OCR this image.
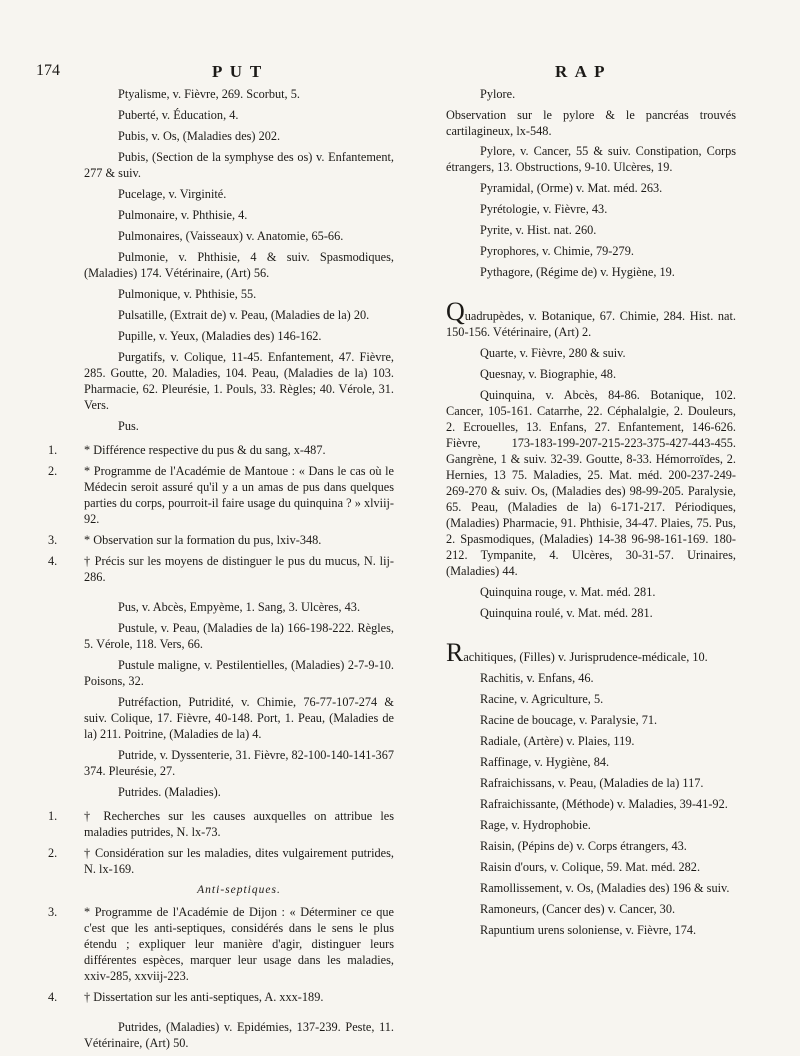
174	P U T	R A P

Ptyalisme, v. Fièvre, 269. Scorbut, 5.

Puberté, v. Éducation, 4.

Pubis, v. Os, (Maladies des) 202.

Pubis, (Section de la symphyse des os) v. Enfantement, 277 & suiv.

Pucelage, v. Virginité.

Pulmonaire, v. Phthisie, 4.

Pulmonaires, (Vaisseaux) v. Anatomie, 65-66.

Pulmonie, v. Phthisie, 4 & suiv. Spasmodiques, (Maladies) 174. Vétérinaire, (Art) 56.

Pulmonique, v. Phthisie, 55.

Pulsatille, (Extrait de) v. Peau, (Maladies de la) 20.

Pupille, v. Yeux, (Maladies des) 146-162.

Purgatifs, v. Colique, 11-45. Enfantement, 47. Fièvre, 285. Goutte, 20. Maladies, 104. Peau, (Maladies de la) 103. Pharmacie, 62. Pleurésie, 1. Pouls, 33. Règles; 40. Vérole, 31. Vers.

Pus.

1. * Différence respective du pus & du sang, x-487.

2. * Programme de l'Académie de Mantoue : « Dans le cas où le Médecin seroit assuré qu'il y a un amas de pus dans quelques parties du corps, pourroit-il faire usage du quinquina ? » xlviij-92.

3. * Observation sur la formation du pus, lxiv-348.

4. † Précis sur les moyens de distinguer le pus du mucus, N. lij-286.

Pus, v. Abcès, Empyème, 1. Sang, 3. Ulcères, 43.

Pustule, v. Peau, (Maladies de la) 166-198-222. Règles, 5. Vérole, 118. Vers, 66.

Pustule maligne, v. Pestilentielles, (Maladies) 2-7-9-10. Poisons, 32.

Putréfaction, Putridité, v. Chimie, 76-77-107-274 & suiv. Colique, 17. Fièvre, 40-148. Port, 1. Peau, (Maladies de la) 211. Poitrine, (Maladies de la) 4.

Putride, v. Dyssenterie, 31. Fièvre, 82-100-140-141-367 374. Pleurésie, 27.

Putrides. (Maladies).

1. † Recherches sur les causes auxquelles on attribue les maladies putrides, N. lx-73.

2. † Considération sur les maladies, dites vulgairement putrides, N. lx-169.

Anti-septiques.

3. * Programme de l'Académie de Dijon : « Déterminer ce que c'est que les anti-septiques, considérés dans le sens le plus étendu ; expliquer leur manière d'agir, distinguer leurs différentes espèces, marquer leur usage dans les maladies, xxiv-285, xxviij-223.

4. † Dissertation sur les anti-septiques, A. xxx-189.

Putrides, (Maladies) v. Epidémies, 137-239. Peste, 11. Vétérinaire, (Art) 50.

Pylore.

Observation sur le pylore & le pancréas trouvés cartilagineux, lx-548.

Pylore, v. Cancer, 55 & suiv. Constipation, Corps étrangers, 13. Obstructions, 9-10. Ulcères, 19.

Pyramidal, (Orme) v. Mat. méd. 263.

Pyrétologie, v. Fièvre, 43.

Pyrite, v. Hist. nat. 260.

Pyrophores, v. Chimie, 79-279.

Pythagore, (Régime de) v. Hygiène, 19.

Quadrupèdes, v. Botanique, 67. Chimie, 284. Hist. nat. 150-156. Vétérinaire, (Art) 2.

Quarte, v. Fièvre, 280 & suiv.

Quesnay, v. Biographie, 48.

Quinquina, v. Abcès, 84-86. Botanique, 102. Cancer, 105-161. Catarrhe, 22. Céphalalgie, 2. Douleurs, 2. Ecrouelles, 13. Enfans, 27. Enfantement, 146-626. Fièvre, 173-183-199-207-215-223-375-427-443-455. Gangrène, 1 & suiv. 32-39. Goutte, 8-33. Hémorroïdes, 2. Hernies, 13 75. Maladies, 25. Mat. méd. 200-237-249-269-270 & suiv. Os, (Maladies des) 98-99-205. Paralysie, 65. Peau, (Maladies de la) 6-171-217. Périodiques, (Maladies) Pharmacie, 91. Phthisie, 34-47. Plaies, 75. Pus, 2. Spasmodiques, (Maladies) 14-38 96-98-161-169. 180-212. Tympanite, 4. Ulcères, 30-31-57. Urinaires, (Maladies) 44.

Quinquina rouge, v. Mat. méd. 281.

Quinquina roulé, v. Mat. méd. 281.

Rachitiques, (Filles) v. Jurisprudence-médicale, 10.

Rachitis, v. Enfans, 46.

Racine, v. Agriculture, 5.

Racine de boucage, v. Paralysie, 71.

Radiale, (Artère) v. Plaies, 119.

Raffinage, v. Hygiène, 84.

Rafraichissans, v. Peau, (Maladies de la) 117.

Rafraichissante, (Méthode) v. Maladies, 39-41-92.

Rage, v. Hydrophobie.

Raisin, (Pépins de) v. Corps étrangers, 43.

Raisin d'ours, v. Colique, 59. Mat. méd. 282.

Ramollissement, v. Os, (Maladies des) 196 & suiv.

Ramoneurs, (Cancer des) v. Cancer, 30.

Rapuntium urens soloniense, v. Fièvre, 174.
